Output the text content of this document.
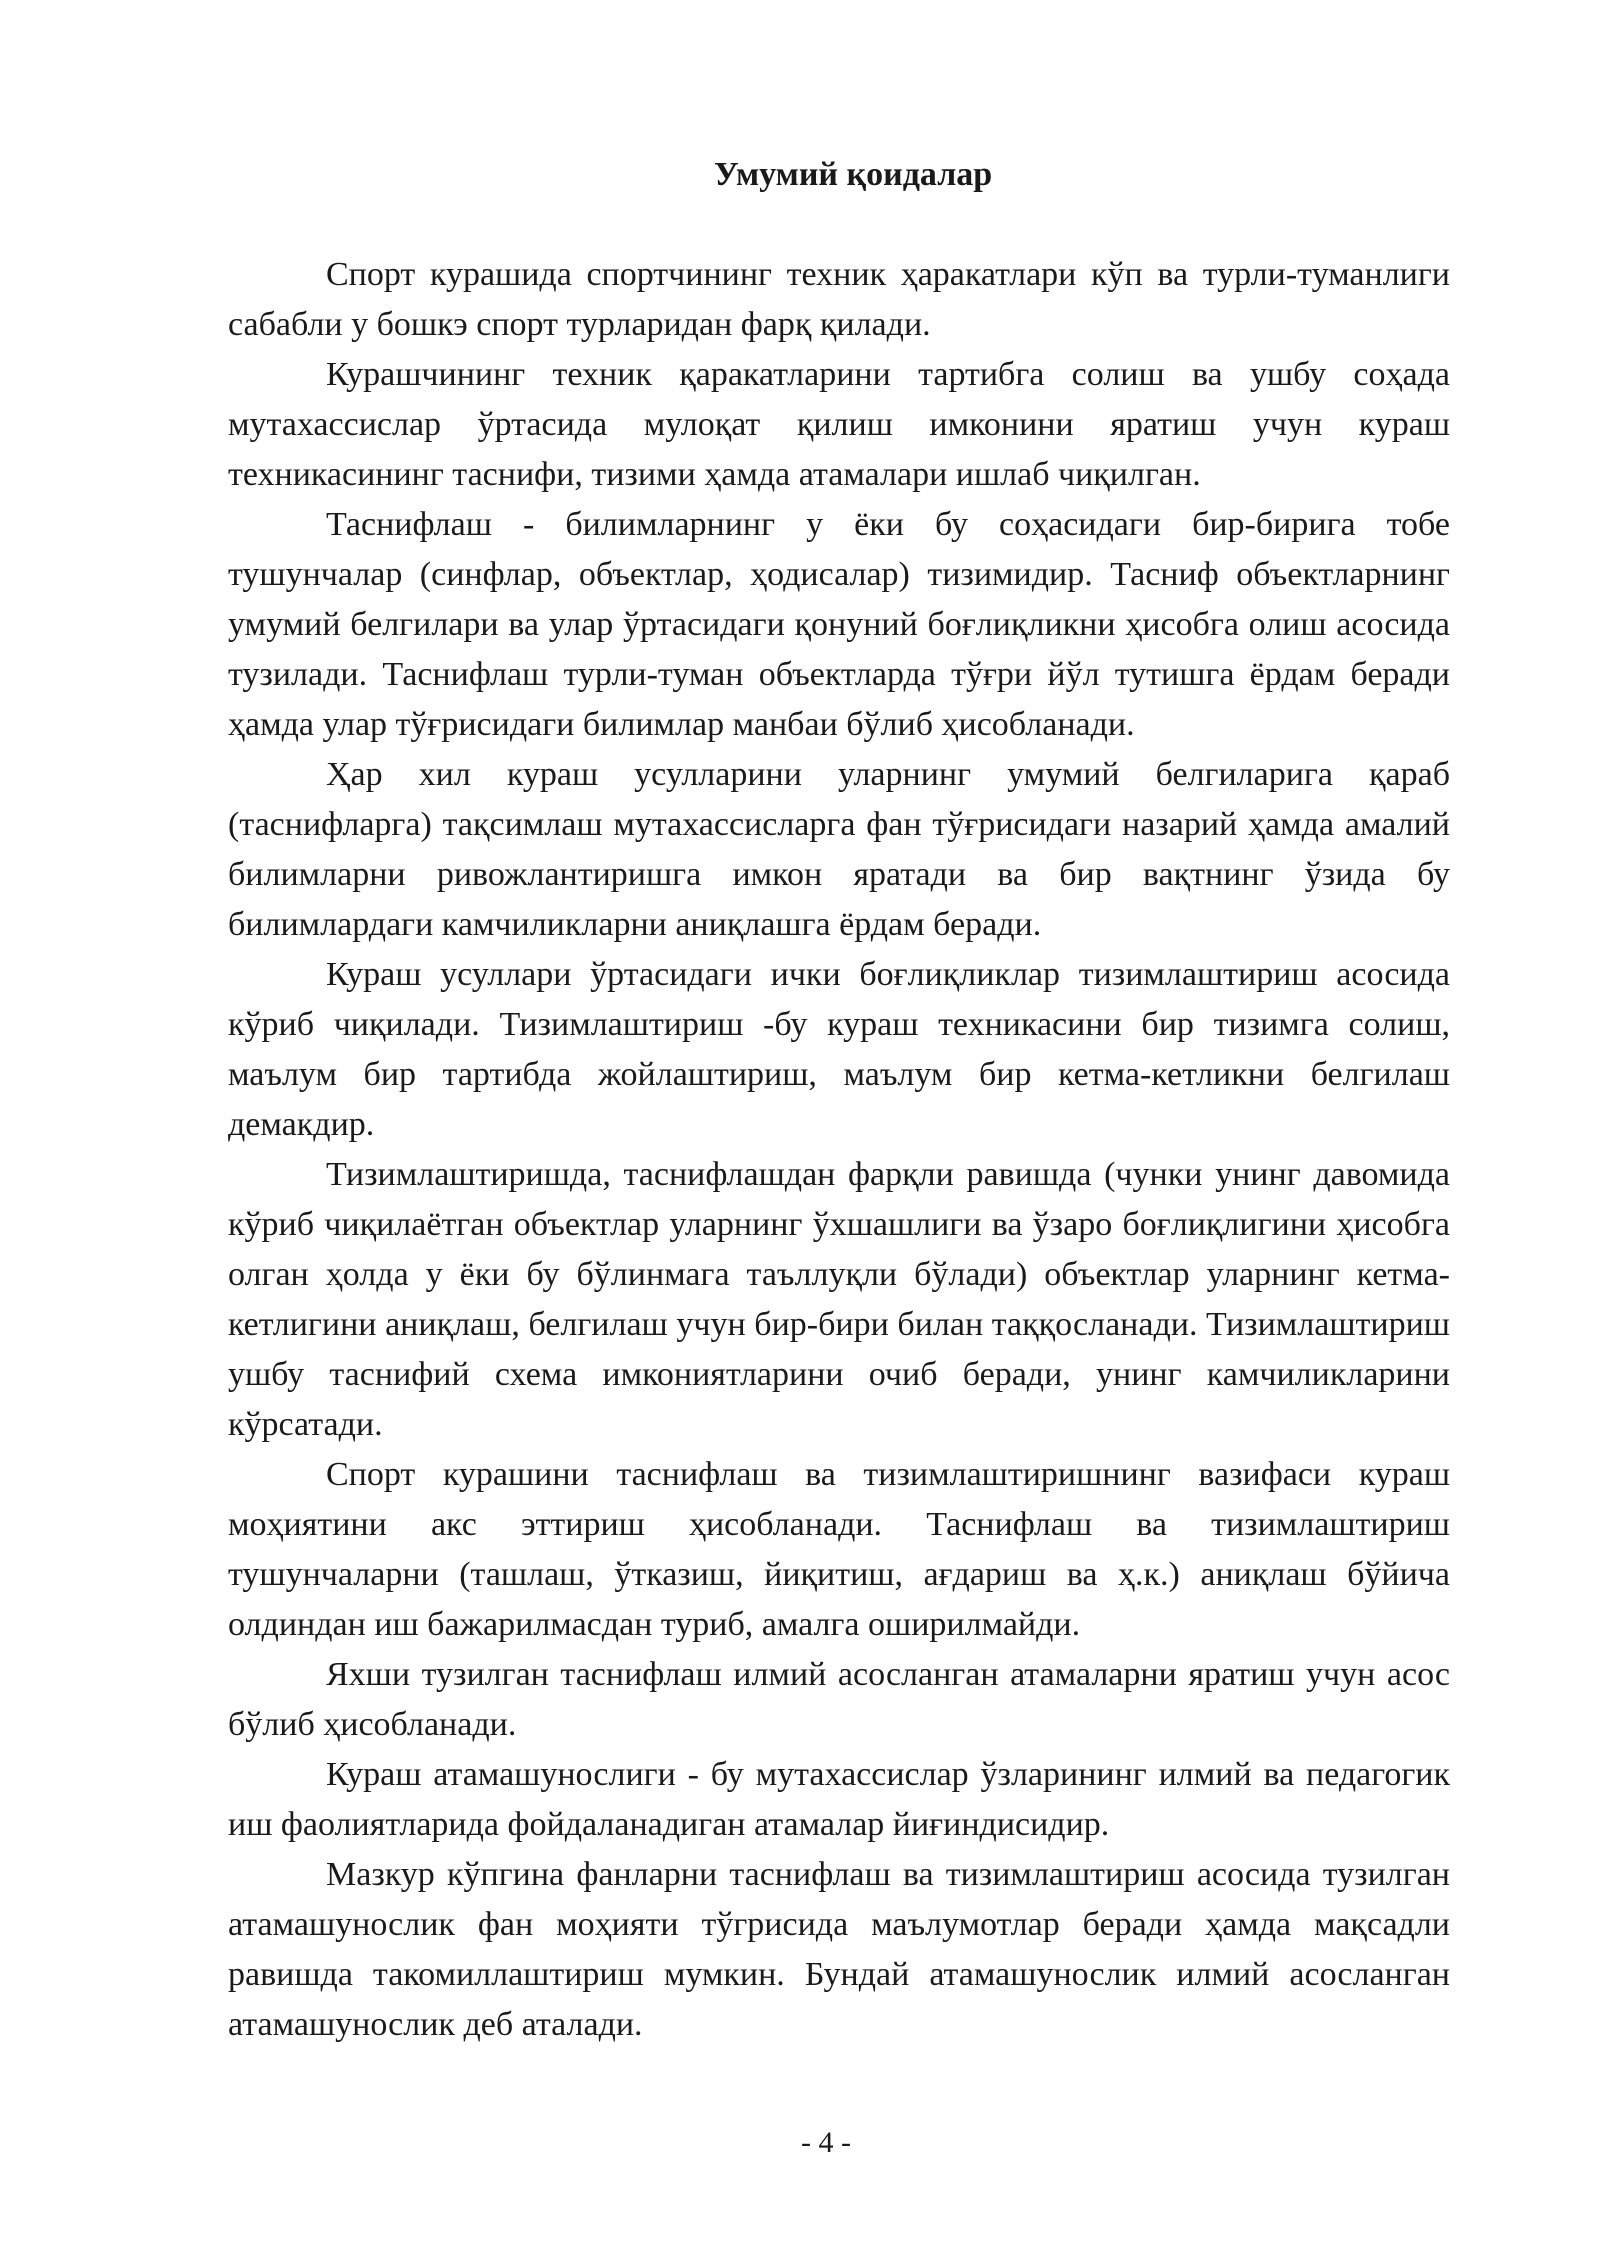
Умумий қоидалар

Спорт курашида спортчининг техник ҳаракатлари кўп ва турли-туманлиги сабабли у бошкэ спорт турларидан фарқ қилади.

Курашчининг техник қаракатларини тартибга солиш ва ушбу соҳада мутахассислар ўртасида мулоқат қилиш имконини яратиш учун кураш техникасининг таснифи, тизими ҳамда атамалари ишлаб чиқилган.

Таснифлаш - билимларнинг у ёки бу соҳасидаги бир-бирига тобе тушунчалар (синфлар, объектлар, ҳодисалар) тизимидир. Тасниф объектларнинг умумий белгилари ва улар ўртасидаги қонуний боғлиқликни ҳисобга олиш асосида тузилади. Таснифлаш турли-туман объектларда тўғри йўл тутишга ёрдам беради ҳамда улар тўғрисидаги билимлар манбаи бўлиб ҳисобланади.

Ҳар хил кураш усулларини уларнинг умумий белгиларига қараб (таснифларга) тақсимлаш мутахассисларга фан тўғрисидаги назарий ҳамда амалий билимларни ривожлантиришга имкон яратади ва бир вақтнинг ўзида бу билимлардаги камчиликларни аниқлашга ёрдам беради.

Кураш усуллари ўртасидаги ички боғлиқликлар тизимлаштириш асосида кўриб чиқилади. Тизимлаштириш -бу кураш техникасини бир тизимга солиш, маълум бир тартибда жойлаштириш, маълум бир кетма-кетликни белгилаш демакдир.

Тизимлаштиришда, таснифлашдан фарқли равишда (чунки унинг давомида кўриб чиқилаётган объектлар уларнинг ўхшашлиги ва ўзаро боғлиқлигини ҳисобга олган ҳолда у ёки бу бўлинмага таъллуқли бўлади) объектлар уларнинг кетма-кетлигини аниқлаш, белгилаш учун бир-бири билан таққосланади. Тизимлаштириш ушбу таснифий схема имкониятларини очиб беради, унинг камчиликларини кўрсатади.

Спорт курашини таснифлаш ва тизимлаштиришнинг вазифаси кураш моҳиятини акс эттириш ҳисобланади. Таснифлаш ва тизимлаштириш тушунчаларни (ташлаш, ўтказиш, йиқитиш, ағдариш ва ҳ.к.) аниқлаш бўйича олдиндан иш бажарилмасдан туриб, амалга оширилмайди.

Яхши тузилган таснифлаш илмий асосланган атамаларни яратиш учун асос бўлиб ҳисобланади.

Кураш атамашунослиги - бу мутахассислар ўзларининг илмий ва педагогик иш фаолиятларида фойдаланадиган атамалар йиғиндисидир.

Мазкур кўпгина фанларни таснифлаш ва тизимлаштириш асосида тузилган атамашунослик фан моҳияти тўгрисида маълумотлар беради ҳамда мақсадли равишда такомиллаштириш мумкин. Бундай атамашунослик илмий асосланган атамашунослик деб аталади.

- 4 -
